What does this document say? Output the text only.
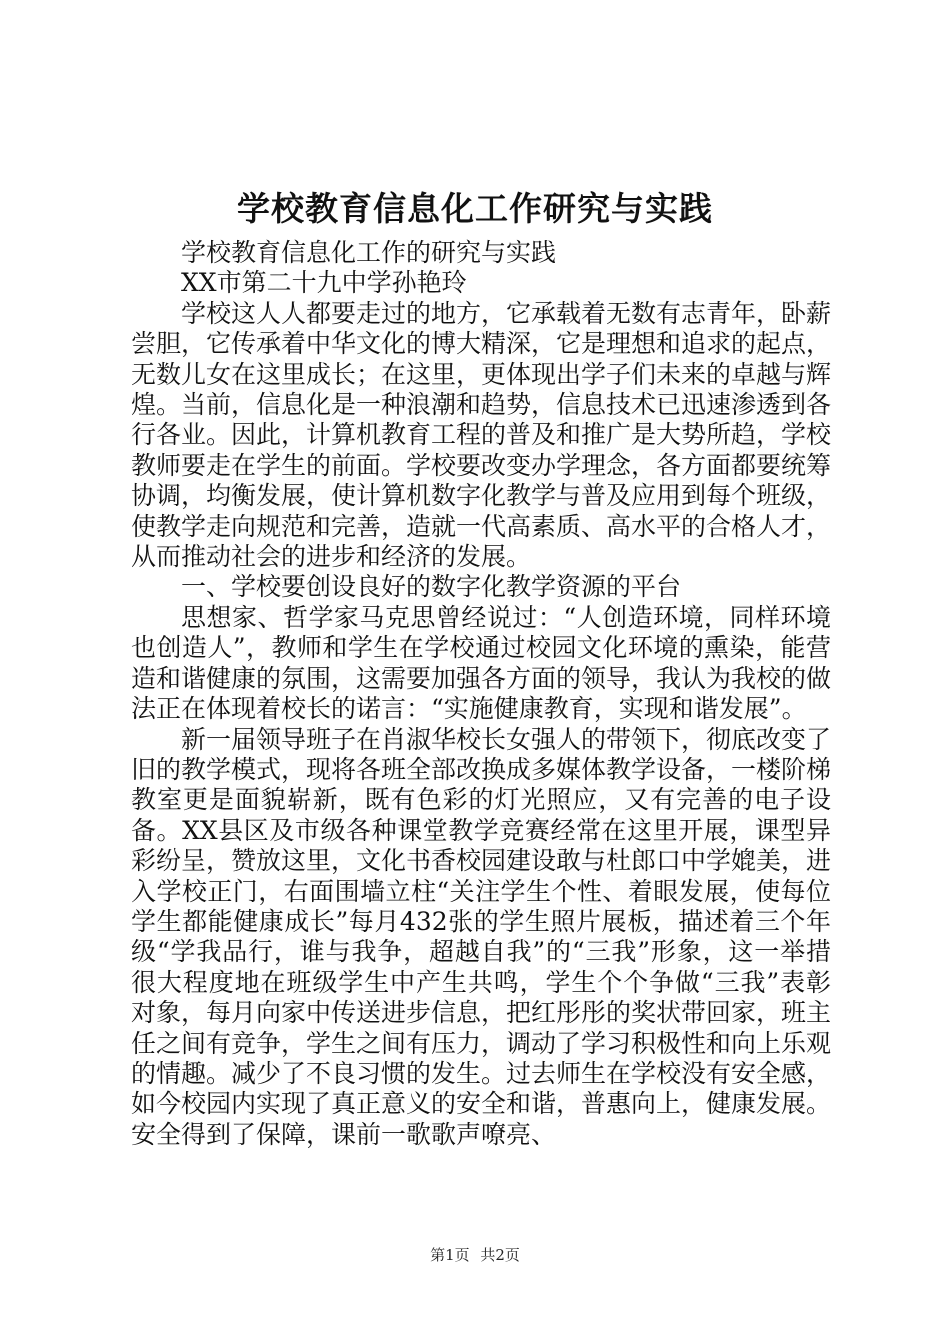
学校教育信息化工作研究与实践

学校教育信息化工作的研究与实践

XX市第二十九中学孙艳玲

学校这人人都要走过的地方，它承载着无数有志青年，卧薪尝胆，它传承着中华文化的博大精深，它是理想和追求的起点，无数儿女在这里成长；在这里，更体现出学子们未来的卓越与辉煌。当前，信息化是一种浪潮和趋势，信息技术已迅速渗透到各行各业。因此，计算机教育工程的普及和推广是大势所趋，学校教师要走在学生的前面。学校要改变办学理念，各方面都要统筹协调，均衡发展，使计算机数字化教学与普及应用到每个班级，使教学走向规范和完善，造就一代高素质、高水平的合格人才，从而推动社会的进步和经济的发展。

一、学校要创设良好的数字化教学资源的平台

思想家、哲学家马克思曾经说过：“人创造环境，同样环境也创造人”，教师和学生在学校通过校园文化环境的熏染，能营造和谐健康的氛围，这需要加强各方面的领导，我认为我校的做法正在体现着校长的诺言：“实施健康教育，实现和谐发展”。

新一届领导班子在肖淑华校长女强人的带领下，彻底改变了旧的教学模式，现将各班全部改换成多媒体教学设备，一楼阶梯教室更是面貌崭新，既有色彩的灯光照应，又有完善的电子设备。XX县区及市级各种课堂教学竞赛经常在这里开展，课型异彩纷呈，赞放这里，文化书香校园建设敢与杜郎口中学媲美，进入学校正门，右面围墙立柱“关注学生个性、着眼发展，使每位学生都能健康成长”每月432张的学生照片展板，描述着三个年级“学我品行，谁与我争，超越自我”的“三我”形象，这一举措很大程度地在班级学生中产生共鸣，学生个个争做“三我”表彰对象，每月向家中传送进步信息，把红彤彤的奖状带回家，班主任之间有竞争，学生之间有压力，调动了学习积极性和向上乐观的情趣。减少了不良习惯的发生。过去师生在学校没有安全感，如今校园内实现了真正意义的安全和谐，普惠向上，健康发展。安全得到了保障，课前一歌歌声嘹亮、

第1页 共2页
